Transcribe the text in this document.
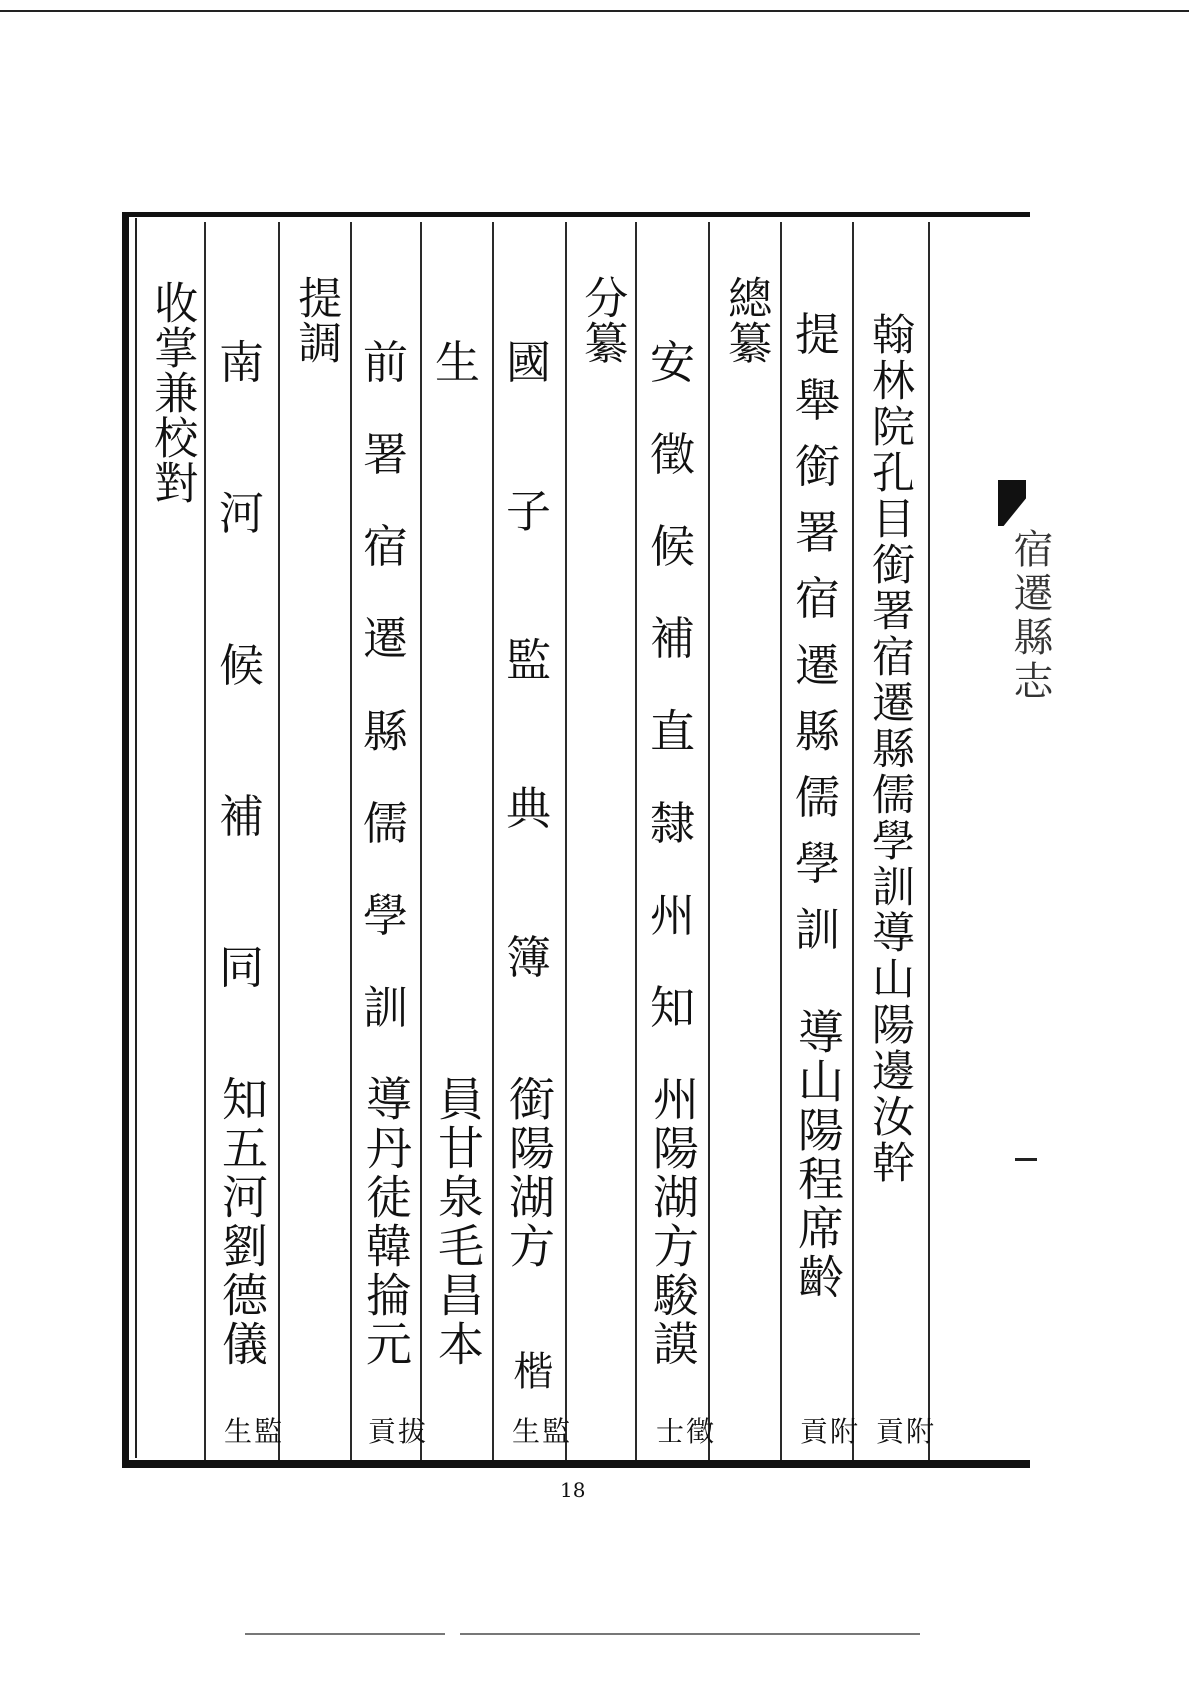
宿遷縣志
翰林院孔目銜署宿遷縣儒學訓導山陽邊汝幹
附
貢
提
舉
銜
署
宿
遷
縣
儒
學
訓
導山陽程席齡
附
貢
總纂
安
徵
候
補
直
隸
州
知
州陽湖方駿謨
徵
士
分纂
國
子
監
典
簿
銜陽湖方
楷
監
生
生
員甘泉毛昌本
前
署
宿
遷
縣
儒
學
訓
導丹徒韓掄元
拔
貢
提調
南
河
候
補
同
知五河劉德儀
監
生
收掌兼校對
18
